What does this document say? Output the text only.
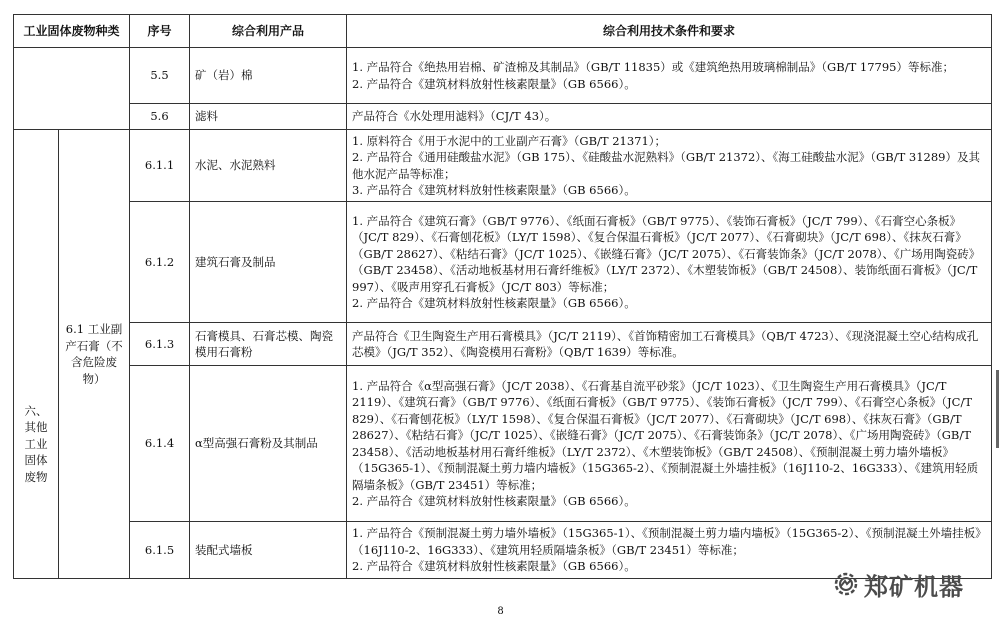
工业固体废物种类		序号	综合利用产品	综合利用技术条件和要求
		5.5	矿（岩）棉	1. 产品符合《绝热用岩棉、矿渣棉及其制品》（GB/T 11835）或《建筑绝热用玻璃棉制品》（GB/T 17795）等标准；
2. 产品符合《建筑材料放射性核素限量》（GB 6566）。

		5.6	滤料	产品符合《水处理用滤料》（CJ/T 43）。

六、其他工业固体废物	6.1 工业副产石膏（不含危险废物）	6.1.1	水泥、水泥熟料	1. 原料符合《用于水泥中的工业副产石膏》（GB/T 21371）；
2. 产品符合《通用硅酸盐水泥》（GB 175）、《硅酸盐水泥熟料》（GB/T 21372）、《海工硅酸盐水泥》（GB/T 31289）及其他水泥产品等标准；
3. 产品符合《建筑材料放射性核素限量》（GB 6566）。

		6.1.2	建筑石膏及制品	1. 产品符合《建筑石膏》（GB/T 9776）、《纸面石膏板》（GB/T 9775）、《装饰石膏板》（JC/T 799）、《石膏空心条板》（JC/T 829）、《石膏刨花板》（LY/T 1598）、《复合保温石膏板》（JC/T 2077）、《石膏砌块》（JC/T 698）、《抹灰石膏》（GB/T 28627）、《粘结石膏》（JC/T 1025）、《嵌缝石膏》（JC/T 2075）、《石膏装饰条》（JC/T 2078）、《广场用陶瓷砖》（GB/T 23458）、《活动地板基材用石膏纤维板》（LY/T 2372）、《木塑装饰板》（GB/T 24508）、装饰纸面石膏板》（JC/T 997）、《吸声用穿孔石膏板》（JC/T 803）等标准；
2. 产品符合《建筑材料放射性核素限量》（GB 6566）。

		6.1.3	石膏模具、石膏芯模、陶瓷模用石膏粉	产品符合《卫生陶瓷生产用石膏模具》（JC/T 2119）、《首饰精密加工石膏模具》（QB/T 4723）、《现浇混凝土空心结构成孔芯模》（JG/T 352）、《陶瓷模用石膏粉》（QB/T 1639）等标准。

		6.1.4	α型高强石膏粉及其制品	1. 产品符合《α型高强石膏》（JC/T 2038）、《石膏基自流平砂浆》（JC/T 1023）、《卫生陶瓷生产用石膏模具》（JC/T 2119）、《建筑石膏》（GB/T 9776）、《纸面石膏板》（GB/T 9775）、《装饰石膏板》（JC/T 799）、《石膏空心条板》（JC/T 829）、《石膏刨花板》（LY/T 1598）、《复合保温石膏板》（JC/T 2077）、《石膏砌块》（JC/T 698）、《抹灰石膏》（GB/T 28627）、《粘结石膏》（JC/T 1025）、《嵌缝石膏》（JC/T 2075）、《石膏装饰条》（JC/T 2078）、《广场用陶瓷砖》（GB/T 23458）、《活动地板基材用石膏纤维板》（LY/T 2372）、《木塑装饰板》（GB/T 24508）、《预制混凝土剪力墙外墙板》（15G365-1）、《预制混凝土剪力墙内墙板》（15G365-2）、《预制混凝土外墙挂板》（16J110-2、16G333）、《建筑用轻质隔墙条板》（GB/T 23451）等标准；
2. 产品符合《建筑材料放射性核素限量》（GB 6566）。

		6.1.5	装配式墙板	1. 产品符合《预制混凝土剪力墙外墙板》（15G365-1）、《预制混凝土剪力墙内墙板》（15G365-2）、《预制混凝土外墙挂板》（16J110-2、16G333）、《建筑用轻质隔墙条板》（GB/T 23451）等标准；
2. 产品符合《建筑材料放射性核素限量》（GB 6566）。
郑矿机器
8
